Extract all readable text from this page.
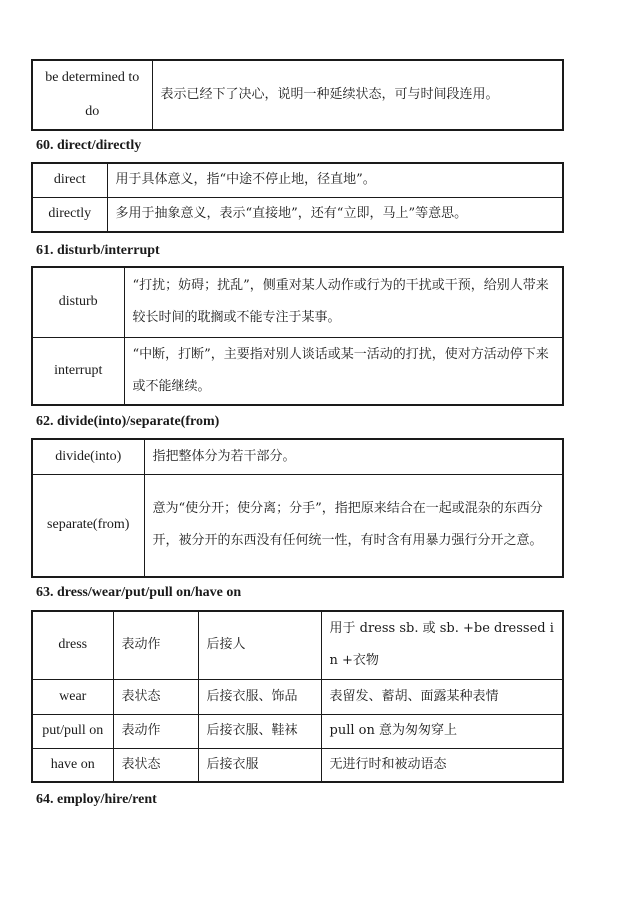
be determined to do	表示已经下了决心，说明一种延续状态，可与时间段连用。
60. direct/directly
direct	用于具体意义，指“中途不停止地，径直地”。
directly	多用于抽象意义，表示“直接地”，还有“立即，马上”等意思。
61. disturb/interrupt
disturb	“打扰；妨碍；扰乱”，侧重对某人动作或行为的干扰或干预，给别人带来较长时间的耽搁或不能专注于某事。
interrupt	“中断，打断”，主要指对别人谈话或某一活动的打扰，使对方活动停下来或不能继续。
62. divide(into)/separate(from)
divide(into)	指把整体分为若干部分。
separate(from)	意为“使分开；使分离；分手”，指把原来结合在一起或混杂的东西分开，被分开的东西没有任何统一性，有时含有用暴力强行分开之意。
63. dress/wear/put/pull on/have on
dress	表动作	后接人	用于 dress sb. 或 sb. +be dressed in +衣物
wear	表状态	后接衣服、饰品	表留发、蓄胡、面露某种表情
put/pull on	表动作	后接衣服、鞋袜	pull on 意为匆匆穿上
have on	表状态	后接衣服	无进行时和被动语态
64. employ/hire/rent
